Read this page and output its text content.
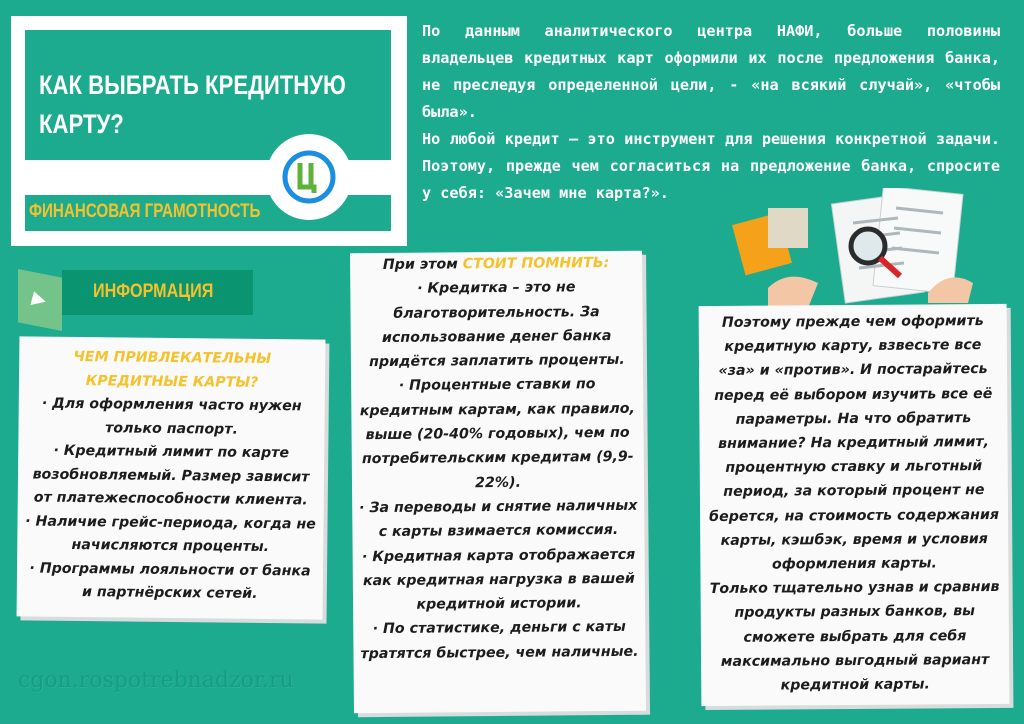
КАК ВЫБРАТЬ КРЕДИТНУЮ КАРТУ?
ФИНАНСОВАЯ ГРАМОТНОСТЬ

По данным аналитического центра НАФИ, больше половины владельцев кредитных карт оформили их после предложения банка, не преследуя определенной цели, - «на всякий случай», «чтобы была».

Но любой кредит – это инструмент для решения конкретной задачи. Поэтому, прежде чем согласиться на предложение банка, спросите у себя: «Зачем мне карта?».

ИНФОРМАЦИЯ

ЧЕМ ПРИВЛЕКАТЕЛЬНЫ КРЕДИТНЫЕ КАРТЫ?

· Для оформления часто нужен только паспорт.

· Кредитный лимит по карте возобновляемый. Размер зависит от платежеспособности клиента.

· Наличие грейс-периода, когда не начисляются проценты.

· Программы лояльности от банка и партнёрских сетей.

При этом СТОИТ ПОМНИТЬ:

· Кредитка – это не благотворительность. За использование денег банка придётся заплатить проценты.

· Процентные ставки по кредитным картам, как правило, выше (20-40% годовых), чем по потребительским кредитам (9,9-22%).

· За переводы и снятие наличных с карты взимается комиссия.

· Кредитная карта отображается как кредитная нагрузка в вашей кредитной истории.

· По статистике, деньги с каты тратятся быстрее, чем наличные.

Поэтому прежде чем оформить кредитную карту, взвесьте все «за» и «против». И постарайтесь перед её выбором изучить все её параметры. На что обратить внимание? На кредитный лимит, процентную ставку и льготный период, за который процент не берется, на стоимость содержания карты, кэшбэк, время и условия оформления карты.

Только тщательно узнав и сравнив продукты разных банков, вы сможете выбрать для себя максимально выгодный вариант кредитной карты.

cgon.rospotrebnadzor.ru
